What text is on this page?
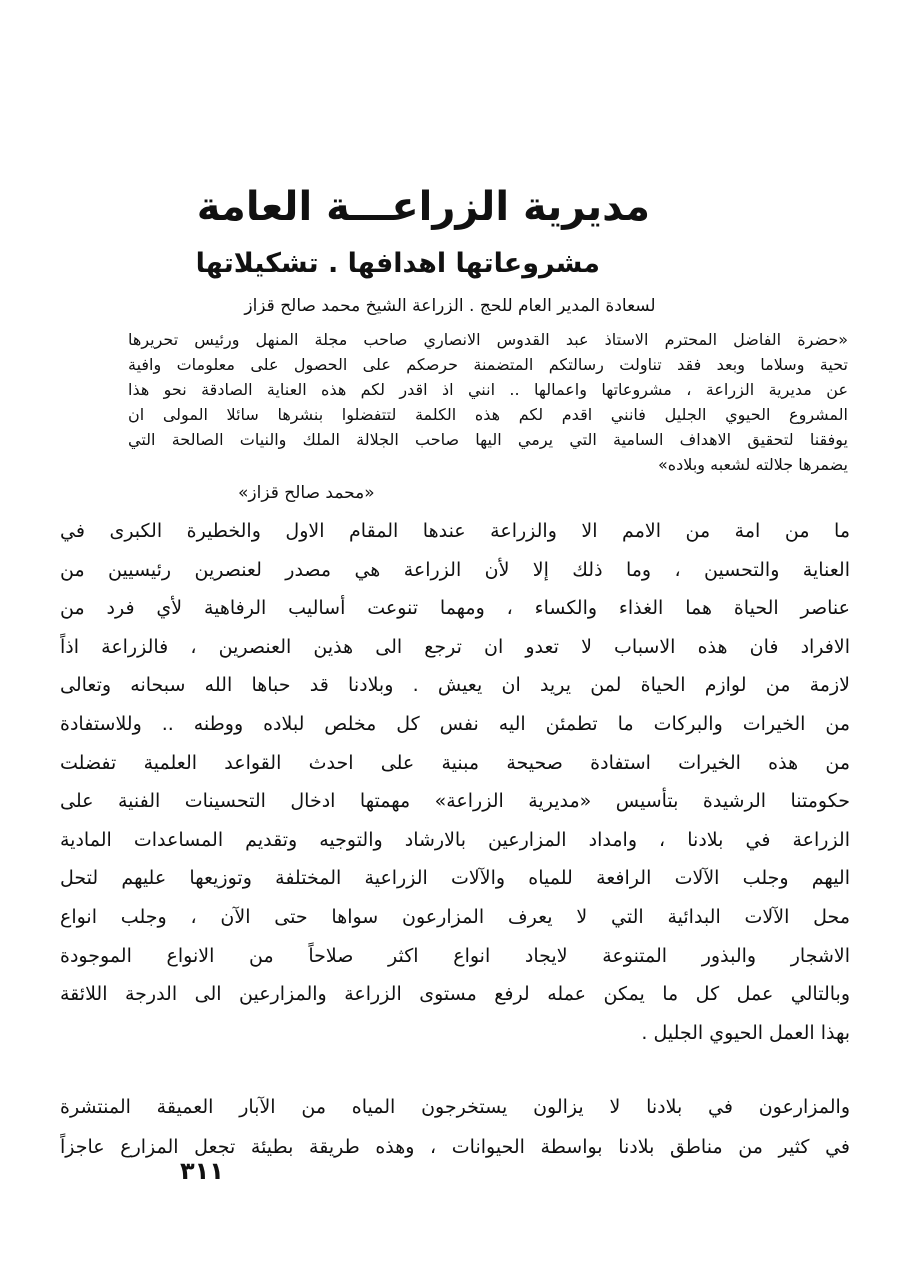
مديرية الزراعـــة العامة
مشروعاتها اهدافها . تشكيلاتها
لسعادة المدير العام للحج . الزراعة الشيخ محمد صالح قزاز
«حضرة الفاضل المحترم الاستاذ عبد القدوس الانصاري صاحب مجلة المنهل ورئيس تحريرها
تحية وسلاما وبعد فقد تناولت رسالتكم المتضمنة حرصكم على الحصول على معلومات وافية
عن مديرية الزراعة ، مشروعاتها واعمالها .. انني اذ اقدر لكم هذه العناية الصادقة نحو هذا
المشروع الحيوي الجليل فانني اقدم لكم هذه الكلمة لتتفضلوا بنشرها سائلا المولى ان
يوفقنا لتحقيق الاهداف السامية التي يرمي اليها صاحب الجلالة الملك والنيات الصالحة التي
يضمرها جلالته لشعبه وبلاده»
«محمد صالح قزاز»
ما من امة من الامم الا والزراعة عندها المقام الاول والخطيرة الكبرى في
العناية والتحسين ، وما ذلك إلا لأن الزراعة هي مصدر لعنصرين رئيسيين من
عناصر الحياة هما الغذاء والكساء ، ومهما تنوعت أساليب الرفاهية لأي فرد من
الافراد فان هذه الاسباب لا تعدو ان ترجع الى هذين العنصرين ، فالزراعة اذاً
لازمة من لوازم الحياة لمن يريد ان يعيش . وبلادنا قد حباها الله سبحانه وتعالى
من الخيرات والبركات ما تطمئن اليه نفس كل مخلص لبلاده ووطنه .. وللاستفادة
من هذه الخيرات استفادة صحيحة مبنية على احدث القواعد العلمية تفضلت
حكومتنا الرشيدة بتأسيس «مديرية الزراعة» مهمتها ادخال التحسينات الفنية على
الزراعة في بلادنا ، وامداد المزارعين بالارشاد والتوجيه وتقديم المساعدات المادية
اليهم وجلب الآلات الرافعة للمياه والآلات الزراعية المختلفة وتوزيعها عليهم لتحل
محل الآلات البدائية التي لا يعرف المزارعون سواها حتى الآن ، وجلب انواع
الاشجار والبذور المتنوعة لايجاد انواع اكثر صلاحاً من الانواع الموجودة
وبالتالي عمل كل ما يمكن عمله لرفع مستوى الزراعة والمزارعين الى الدرجة اللائقة
بهذا العمل الحيوي الجليل .
والمزارعون في بلادنا لا يزالون يستخرجون المياه من الآبار العميقة المنتشرة
في كثير من مناطق بلادنا بواسطة الحيوانات ، وهذه طريقة بطيئة تجعل المزارع عاجزاً
٣١١
